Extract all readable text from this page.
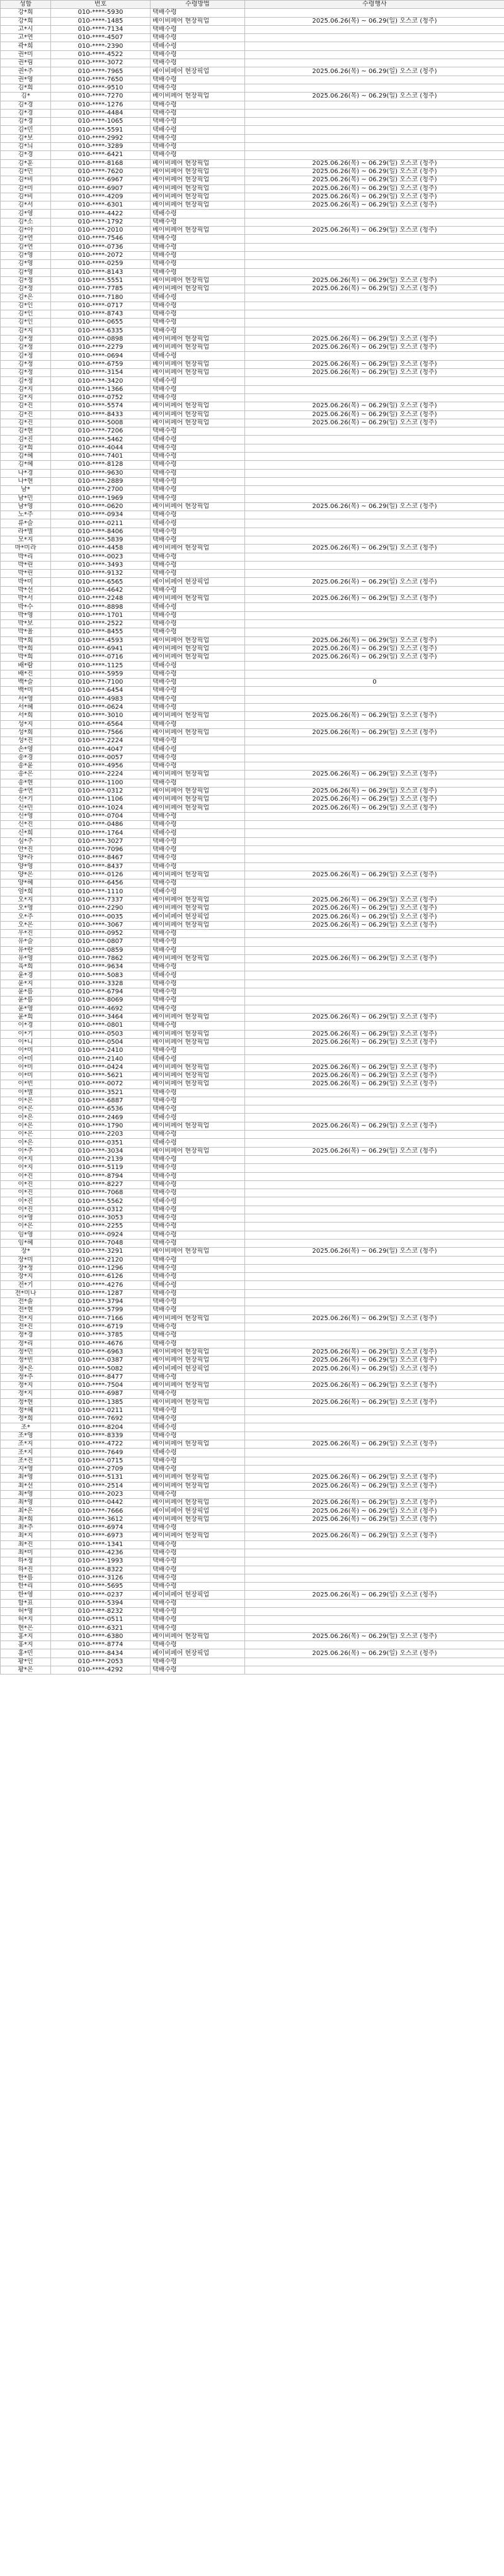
성함	번호	수령방법	수령행사
강*희	010-****-5930	택배수령	
강*희	010-****-1485	베이비페어 현장픽업	2025.06.26(목) ~ 06.29(일) 오스코 (청주)
고*시	010-****-7134	택배수령	
고*연	010-****-4507	택배수령	
곽*희	010-****-2390	택배수령	
권*미	010-****-4522	택배수령	
권*림	010-****-3072	택배수령	
권*주	010-****-7965	베이비페어 현장픽업	2025.06.26(목) ~ 06.29(일) 오스코 (청주)
권*영	010-****-7650	택배수령	
김*희	010-****-9510	택배수령	
김*	010-****-7270	베이비페어 현장픽업	2025.06.26(목) ~ 06.29(일) 오스코 (청주)
김*경	010-****-1276	택배수령	
김*경	010-****-4484	택배수령	
김*경	010-****-1065	택배수령	
김*민	010-****-5591	택배수령	
김*보	010-****-2992	택배수령	
김*늬	010-****-3289	택배수령	
김*경	010-****-6421	택배수령	
김*훈	010-****-8168	베이비페어 현장픽업	2025.06.26(목) ~ 06.29(일) 오스코 (청주)
김*민	010-****-7620	베이비페어 현장픽업	2025.06.26(목) ~ 06.29(일) 오스코 (청주)
김*비	010-****-6967	베이비페어 현장픽업	2025.06.26(목) ~ 06.29(일) 오스코 (청주)
김*미	010-****-6907	베이비페어 현장픽업	2025.06.26(목) ~ 06.29(일) 오스코 (청주)
김*비	010-****-4209	베이비페어 현장픽업	2025.06.26(목) ~ 06.29(일) 오스코 (청주)
김*서	010-****-6301	베이비페어 현장픽업	2025.06.26(목) ~ 06.29(일) 오스코 (청주)
김*영	010-****-4422	택배수령	
김*소	010-****-1792	택배수령	
김*아	010-****-2010	베이비페어 현장픽업	2025.06.26(목) ~ 06.29(일) 오스코 (청주)
김*연	010-****-7546	택배수령	
김*연	010-****-0736	택배수령	
김*영	010-****-2072	택배수령	
김*영	010-****-0259	택배수령	
김*영	010-****-8143	택배수령	
김*정	010-****-5551	베이비페어 현장픽업	2025.06.26(목) ~ 06.29(일) 오스코 (청주)
김*정	010-****-7785	베이비페어 현장픽업	2025.06.26(목) ~ 06.29(일) 오스코 (청주)
김*은	010-****-7180	택배수령	
김*인	010-****-0717	택배수령	
김*인	010-****-8743	택배수령	
김*인	010-****-0655	택배수령	
김*지	010-****-6335	택배수령	
김*정	010-****-0898	베이비페어 현장픽업	2025.06.26(목) ~ 06.29(일) 오스코 (청주)
김*정	010-****-2279	베이비페어 현장픽업	2025.06.26(목) ~ 06.29(일) 오스코 (청주)
김*정	010-****-0694	택배수령	
김*정	010-****-6759	베이비페어 현장픽업	2025.06.26(목) ~ 06.29(일) 오스코 (청주)
김*정	010-****-3154	베이비페어 현장픽업	2025.06.26(목) ~ 06.29(일) 오스코 (청주)
김*정	010-****-3420	택배수령	
김*지	010-****-1366	택배수령	
김*지	010-****-0752	택배수령	
김*진	010-****-5574	베이비페어 현장픽업	2025.06.26(목) ~ 06.29(일) 오스코 (청주)
김*진	010-****-8433	베이비페어 현장픽업	2025.06.26(목) ~ 06.29(일) 오스코 (청주)
김*진	010-****-5008	베이비페어 현장픽업	2025.06.26(목) ~ 06.29(일) 오스코 (청주)
김*현	010-****-7206	택배수령	
김*진	010-****-5462	택배수령	
김*희	010-****-4044	택배수령	
김*혜	010-****-7401	택배수령	
김*혜	010-****-8128	택배수령	
나*경	010-****-9630	택배수령	
나*현	010-****-2889	택배수령	
남*	010-****-2700	택배수령	
남*민	010-****-1969	택배수령	
남*영	010-****-0620	베이비페어 현장픽업	2025.06.26(목) ~ 06.29(일) 오스코 (청주)
노*주	010-****-0934	택배수령	
류*슬	010-****-0211	택배수령	
라*별	010-****-8406	택배수령	
모*지	010-****-5839	택배수령	
마*미라	010-****-4458	베이비페어 현장픽업	2025.06.26(목) ~ 06.29(일) 오스코 (청주)
박*리	010-****-0023	택배수령	
박*린	010-****-3493	택배수령	
박*린	010-****-9132	택배수령	
박*미	010-****-6565	베이비페어 현장픽업	2025.06.26(목) ~ 06.29(일) 오스코 (청주)
박*선	010-****-4642	택배수령	
박*서	010-****-2248	베이비페어 현장픽업	2025.06.26(목) ~ 06.29(일) 오스코 (청주)
박*수	010-****-8898	택배수령	
박*영	010-****-1701	택배수령	
박*보	010-****-2522	택배수령	
박*율	010-****-8455	택배수령	
박*희	010-****-4593	베이비페어 현장픽업	2025.06.26(목) ~ 06.29(일) 오스코 (청주)
박*희	010-****-6941	베이비페어 현장픽업	2025.06.26(목) ~ 06.29(일) 오스코 (청주)
박*희	010-****-0716	베이비페어 현장픽업	2025.06.26(목) ~ 06.29(일) 오스코 (청주)
배*람	010-****-1125	택배수령	
배*진	010-****-5959	택배수령	
백*슬	010-****-7100	택배수령	0
백*미	010-****-6454	택배수령	
서*영	010-****-4983	택배수령	
서*혜	010-****-0624	택배수령	
서*희	010-****-3010	베이비페어 현장픽업	2025.06.26(목) ~ 06.29(일) 오스코 (청주)
성*지	010-****-6564	택배수령	
성*희	010-****-7566	베이비페어 현장픽업	2025.06.26(목) ~ 06.29(일) 오스코 (청주)
성*진	010-****-2224	택배수령	
손*영	010-****-4047	택배수령	
송*경	010-****-0057	택배수령	
송*윤	010-****-4956	택배수령	
송*은	010-****-2224	베이비페어 현장픽업	2025.06.26(목) ~ 06.29(일) 오스코 (청주)
송*현	010-****-1100	택배수령	
송*연	010-****-0312	베이비페어 현장픽업	2025.06.26(목) ~ 06.29(일) 오스코 (청주)
신*기	010-****-1106	베이비페어 현장픽업	2025.06.26(목) ~ 06.29(일) 오스코 (청주)
신*민	010-****-1024	베이비페어 현장픽업	2025.06.26(목) ~ 06.29(일) 오스코 (청주)
신*영	010-****-0704	택배수령	
신*진	010-****-0486	택배수령	
신*희	010-****-1764	택배수령	
심*주	010-****-3027	택배수령	
안*진	010-****-7096	택배수령	
양*라	010-****-8467	택배수령	
양*영	010-****-8437	택배수령	
양*은	010-****-0126	베이비페어 현장픽업	2025.06.26(목) ~ 06.29(일) 오스코 (청주)
양*혜	010-****-6456	택배수령	
엄*희	010-****-1110	택배수령	
오*지	010-****-7337	베이비페어 현장픽업	2025.06.26(목) ~ 06.29(일) 오스코 (청주)
오*영	010-****-2290	베이비페어 현장픽업	2025.06.26(목) ~ 06.29(일) 오스코 (청주)
오*주	010-****-0035	베이비페어 현장픽업	2025.06.26(목) ~ 06.29(일) 오스코 (청주)
오*은	010-****-3067	베이비페어 현장픽업	2025.06.26(목) ~ 06.29(일) 오스코 (청주)
우*진	010-****-0952	택배수령	
유*슬	010-****-0807	택배수령	
유*란	010-****-0859	택배수령	
유*영	010-****-7862	베이비페어 현장픽업	2025.06.26(목) ~ 06.29(일) 오스코 (청주)
육*희	010-****-9634	택배수령	
윤*경	010-****-5083	택배수령	
윤*지	010-****-3328	택배수령	
윤*름	010-****-6794	택배수령	
윤*름	010-****-8069	택배수령	
윤*영	010-****-4692	택배수령	
윤*희	010-****-3464	베이비페어 현장픽업	2025.06.26(목) ~ 06.29(일) 오스코 (청주)
이*경	010-****-0801	택배수령	
이*기	010-****-0503	베이비페어 현장픽업	2025.06.26(목) ~ 06.29(일) 오스코 (청주)
이*니	010-****-0504	베이비페어 현장픽업	2025.06.26(목) ~ 06.29(일) 오스코 (청주)
이*미	010-****-2410	택배수령	
이*미	010-****-2140	택배수령	
이*미	010-****-0424	베이비페어 현장픽업	2025.06.26(목) ~ 06.29(일) 오스코 (청주)
이*미	010-****-5621	베이비페어 현장픽업	2025.06.26(목) ~ 06.29(일) 오스코 (청주)
이*빈	010-****-0072	베이비페어 현장픽업	2025.06.26(목) ~ 06.29(일) 오스코 (청주)
이*별	010-****-3521	택배수령	
이*은	010-****-6887	택배수령	
이*은	010-****-6536	택배수령	
이*은	010-****-2469	택배수령	
이*은	010-****-1790	베이비페어 현장픽업	2025.06.26(목) ~ 06.29(일) 오스코 (청주)
이*은	010-****-2203	택배수령	
이*은	010-****-0351	택배수령	
이*주	010-****-3034	베이비페어 현장픽업	2025.06.26(목) ~ 06.29(일) 오스코 (청주)
이*지	010-****-2139	택배수령	
이*지	010-****-5119	택배수령	
이*진	010-****-8794	택배수령	
이*진	010-****-8227	택배수령	
이*진	010-****-7068	택배수령	
이*진	010-****-5562	택배수령	
이*진	010-****-0312	택배수령	
이*영	010-****-3053	택배수령	
이*은	010-****-2255	택배수령	
임*영	010-****-0924	택배수령	
임*혜	010-****-7048	택배수령	
장*	010-****-3291	베이비페어 현장픽업	2025.06.26(목) ~ 06.29(일) 오스코 (청주)
장*미	010-****-2120	택배수령	
장*정	010-****-1296	택배수령	
장*지	010-****-6126	택배수령	
전*기	010-****-4276	택배수령	
전*미나	010-****-1287	택배수령	
전*솔	010-****-3794	택배수령	
전*현	010-****-5799	택배수령	
전*지	010-****-7166	베이비페어 현장픽업	2025.06.26(목) ~ 06.29(일) 오스코 (청주)
전*진	010-****-6719	택배수령	
정*경	010-****-3785	택배수령	
정*리	010-****-4676	택배수령	
정*민	010-****-6963	베이비페어 현장픽업	2025.06.26(목) ~ 06.29(일) 오스코 (청주)
정*빈	010-****-0387	베이비페어 현장픽업	2025.06.26(목) ~ 06.29(일) 오스코 (청주)
정*은	010-****-5082	베이비페어 현장픽업	2025.06.26(목) ~ 06.29(일) 오스코 (청주)
정*주	010-****-8477	택배수령	
정*지	010-****-7504	베이비페어 현장픽업	2025.06.26(목) ~ 06.29(일) 오스코 (청주)
정*지	010-****-6987	택배수령	
정*현	010-****-1385	베이비페어 현장픽업	2025.06.26(목) ~ 06.29(일) 오스코 (청주)
정*혜	010-****-0211	택배수령	
정*희	010-****-7692	택배수령	
조*	010-****-8204	택배수령	
조*영	010-****-8339	택배수령	
조*지	010-****-4722	베이비페어 현장픽업	2025.06.26(목) ~ 06.29(일) 오스코 (청주)
조*지	010-****-7649	택배수령	
조*진	010-****-0715	택배수령	
지*영	010-****-2709	택배수령	
최*영	010-****-5131	베이비페어 현장픽업	2025.06.26(목) ~ 06.29(일) 오스코 (청주)
최*선	010-****-2514	베이비페어 현장픽업	2025.06.26(목) ~ 06.29(일) 오스코 (청주)
최*영	010-****-2023	택배수령	
최*영	010-****-0442	베이비페어 현장픽업	2025.06.26(목) ~ 06.29(일) 오스코 (청주)
최*은	010-****-7666	베이비페어 현장픽업	2025.06.26(목) ~ 06.29(일) 오스코 (청주)
최*희	010-****-3612	베이비페어 현장픽업	2025.06.26(목) ~ 06.29(일) 오스코 (청주)
최*주	010-****-6974	택배수령	
최*지	010-****-6973	베이비페어 현장픽업	2025.06.26(목) ~ 06.29(일) 오스코 (청주)
최*진	010-****-1341	택배수령	
최*미	010-****-4236	택배수령	
하*정	010-****-1993	택배수령	
하*진	010-****-8322	택배수령	
한*름	010-****-3126	택배수령	
한*리	010-****-5695	택배수령	
한*영	010-****-0237	베이비페어 현장픽업	2025.06.26(목) ~ 06.29(일) 오스코 (청주)
함*표	010-****-5394	택배수령	
허*영	010-****-8232	택배수령	
허*지	010-****-0511	택배수령	
현*은	010-****-6321	택배수령	
홍*지	010-****-6380	베이비페어 현장픽업	2025.06.26(목) ~ 06.29(일) 오스코 (청주)
홍*지	010-****-8774	택배수령	
홍*민	010-****-8434	베이비페어 현장픽업	2025.06.26(목) ~ 06.29(일) 오스코 (청주)
황*인	010-****-2053	택배수령	
황*은	010-****-4292	택배수령	
